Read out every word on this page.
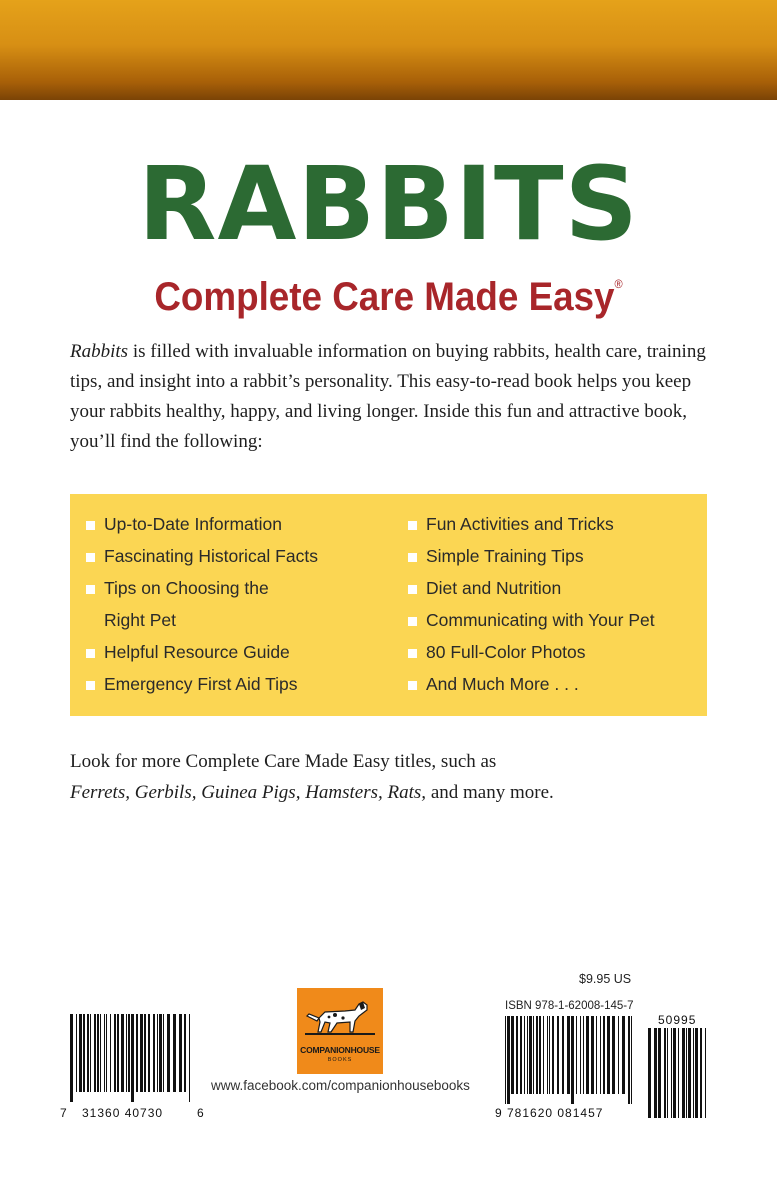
RABBITS
Complete Care Made Easy®

Rabbits is filled with invaluable information on buying rabbits, health care, training tips, and insight into a rabbit’s personality. This easy-to-read book helps you keep your rabbits healthy, happy, and living longer. Inside this fun and attractive book, you’ll find the following:

Up-to-Date Information
Fascinating Historical Facts
Tips on Choosing the Right Pet
Helpful Resource Guide
Emergency First Aid Tips
Fun Activities and Tricks
Simple Training Tips
Diet and Nutrition
Communicating with Your Pet
80 Full-Color Photos
And Much More . . .

Look for more Complete Care Made Easy titles, such as
Ferrets, Gerbils, Guinea Pigs, Hamsters, Rats, and many more.

$9.95 US
ISBN 978-1-62008-145-7
7 31360 40730	6
COMPANIONHOUSE
BOOKS
www.facebook.com/companionhousebooks
9 781620 081457
50995
